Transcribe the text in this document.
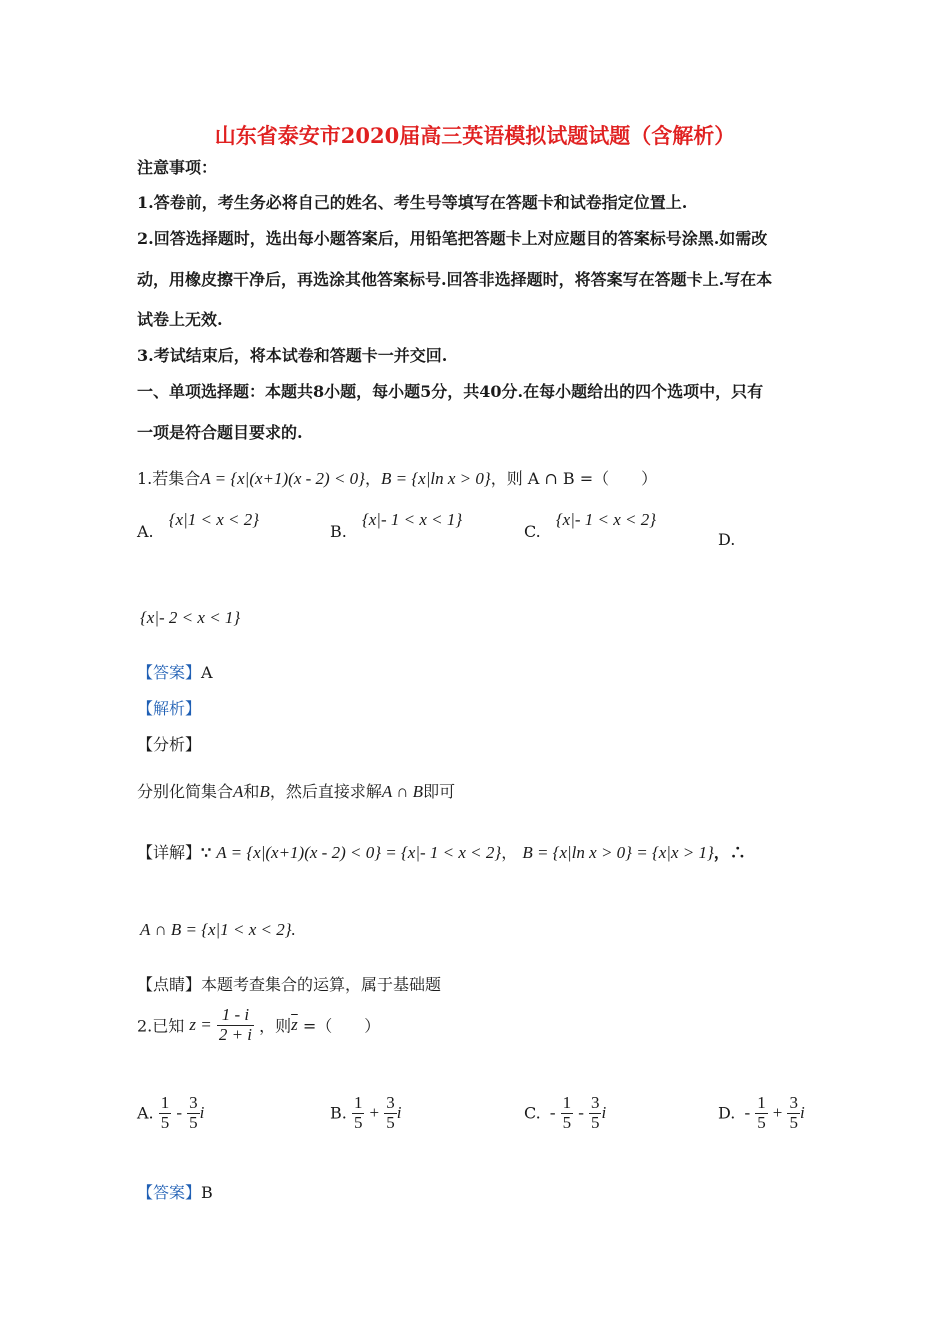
山东省泰安市2020届高三英语模拟试题试题（含解析）
注意事项：
1.答卷前，考生务必将自己的姓名、考生号等填写在答题卡和试卷指定位置上.
2.回答选择题时，选出每小题答案后，用铅笔把答题卡上对应题目的答案标号涂黑.如需改
动，用橡皮擦干净后，再选涂其他答案标号.回答非选择题时，将答案写在答题卡上.写在本
试卷上无效.
3.考试结束后，将本试卷和答题卡一并交回.
一、单项选择题：本题共8小题，每小题5分，共40分.在每小题给出的四个选项中，只有
一项是符合题目要求的.
1.若集合A = {x|(x+1)(x - 2) < 0}，B = {x|ln x > 0}，则 A ∩ B =（　　）
A. {x|1 < x < 2}
B. {x|- 1 < x < 1}
C. {x|- 1 < x < 2}
D.
{x|- 2 < x < 1}
【答案】A
【解析】
【分析】
分别化简集合A和B，然后直接求解A ∩ B即可
【详解】∵ A = {x|(x+1)(x - 2) < 0} = {x|- 1 < x < 2}， B = {x|ln x > 0} = {x|x > 1}，∴
A ∩ B = {x|1 < x < 2}.
【点睛】本题考查集合的运算，属于基础题
2.已知 $z = \frac{1 - i}{2 + i}$ ，则$\overline{z}$ =（　　）
A. $\frac{1}{5} - \frac{3}{5}$ i	B. $\frac{1}{5} + \frac{3}{5}$ i	C. - $\frac{1}{5} - \frac{3}{5}$ i	D. - $\frac{1}{5} + \frac{3}{5}$ i
【答案】B
